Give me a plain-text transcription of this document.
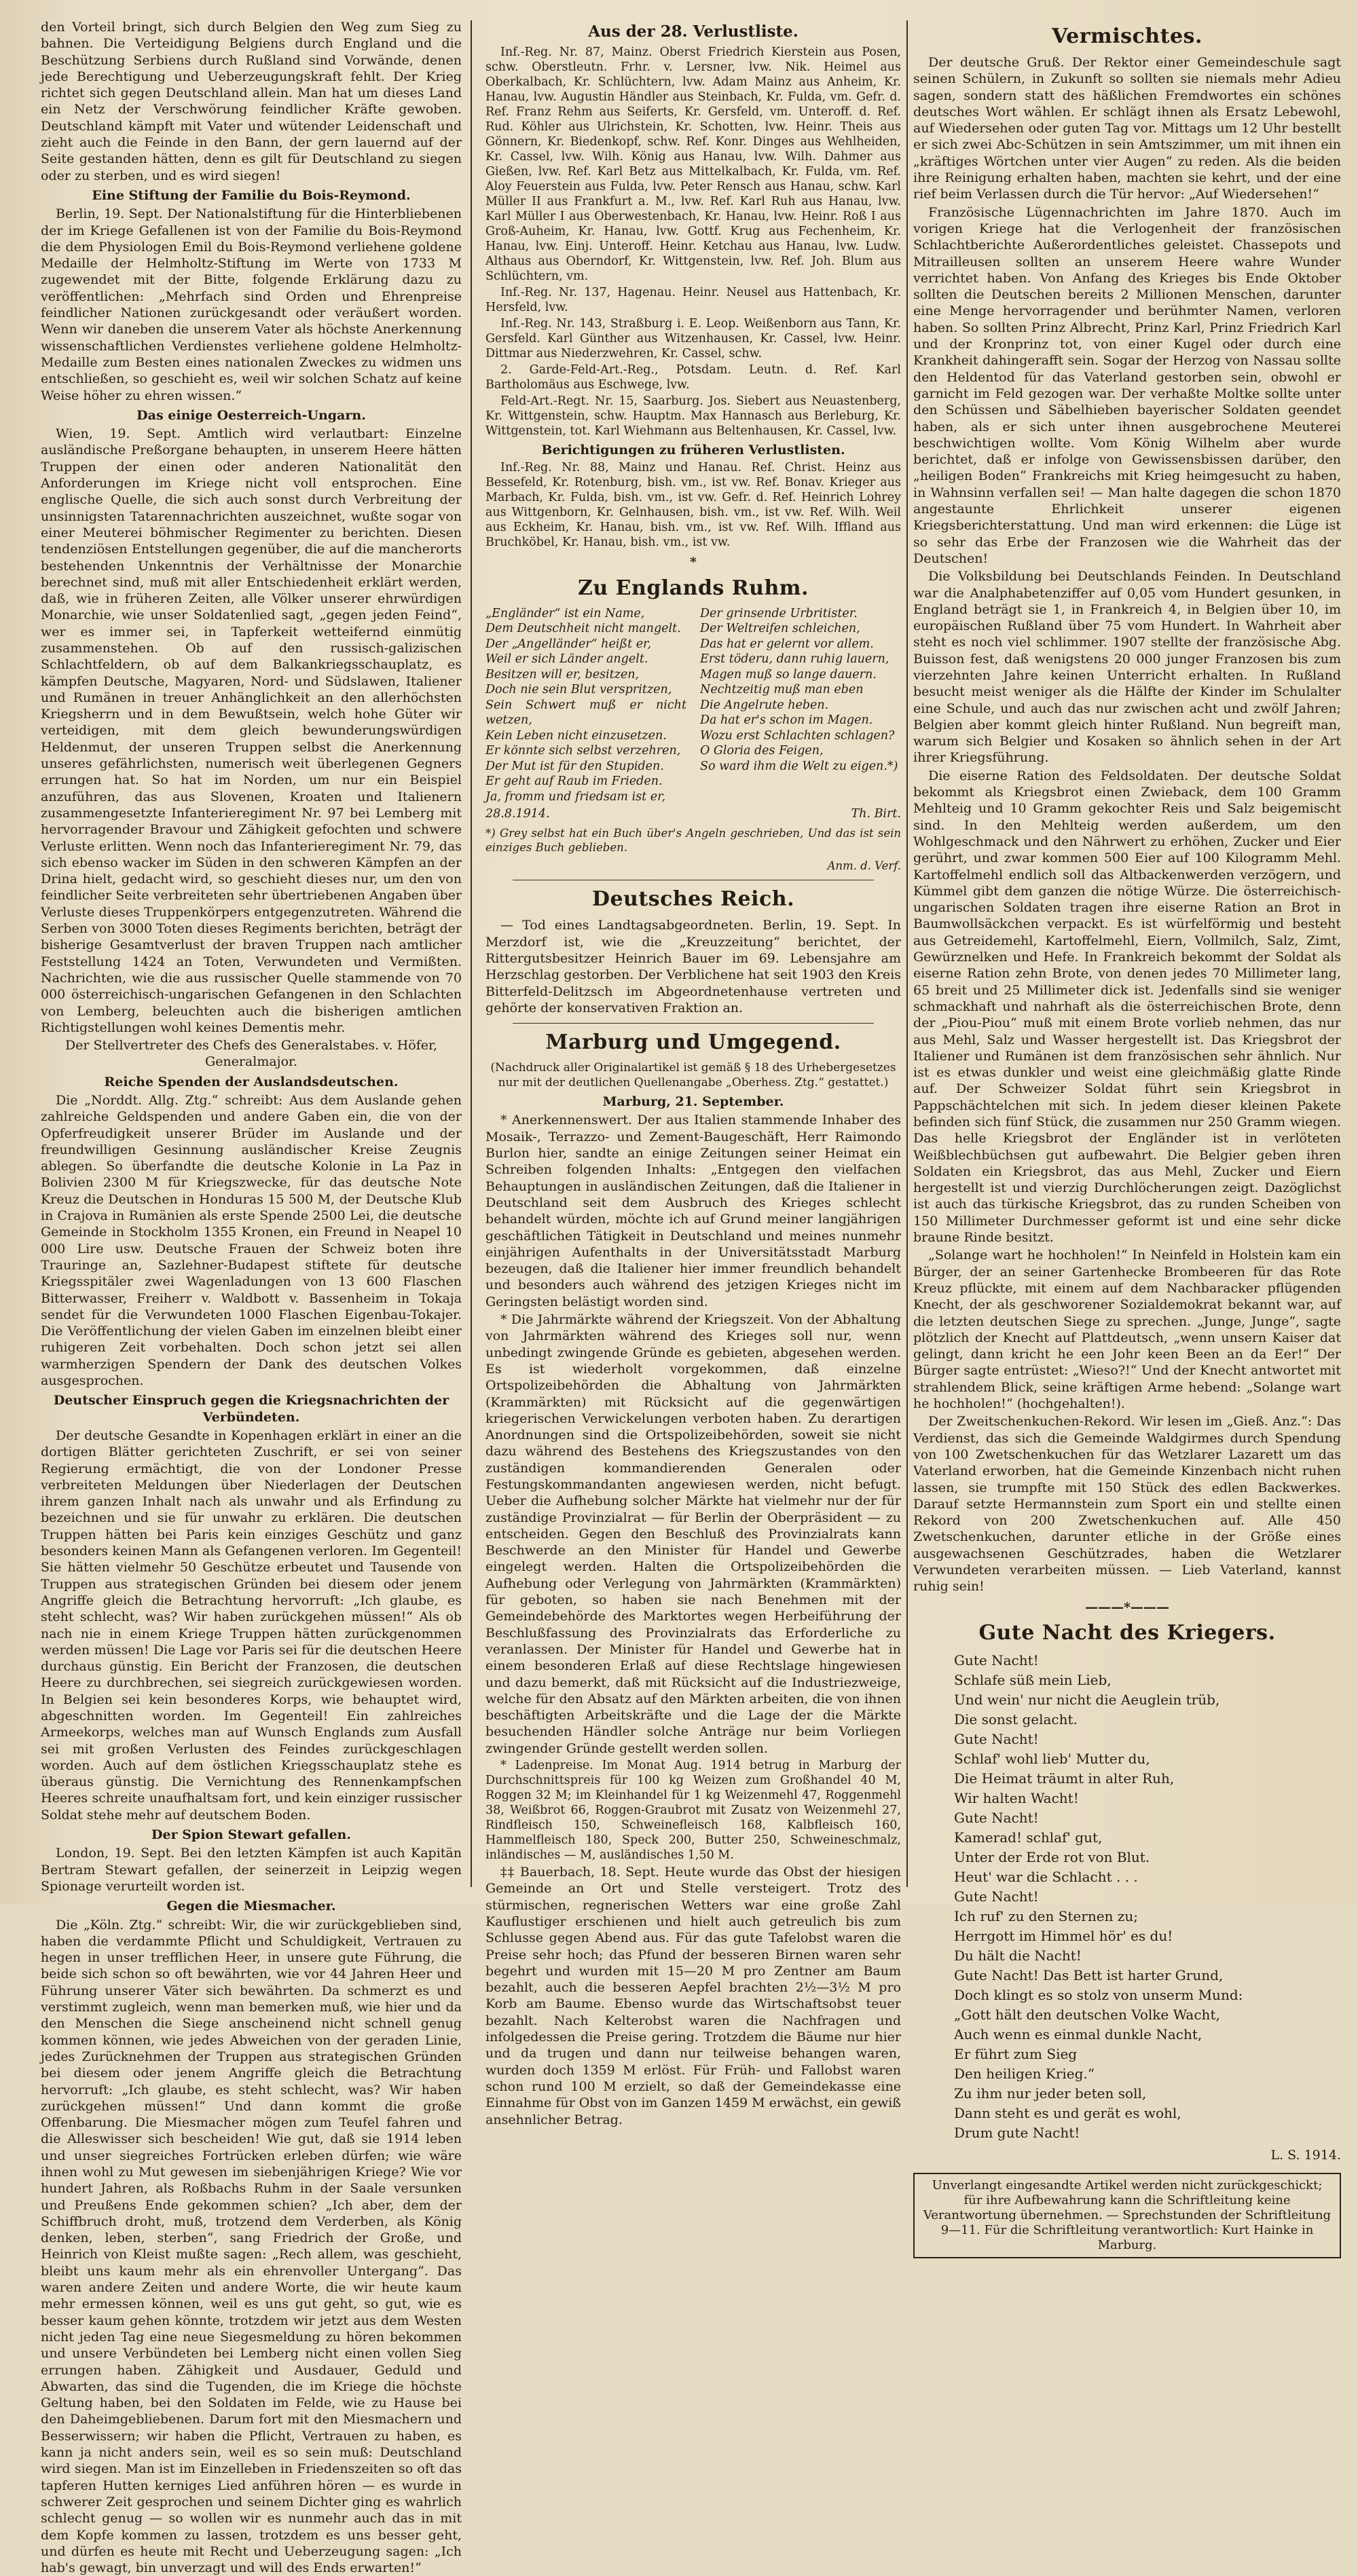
den Vorteil bringt, sich durch Belgien den Weg zum Sieg zu bahnen. Die Verteidigung Belgiens durch England und die Beschützung Serbiens durch Rußland sind Vorwände, denen jede Berechtigung und Ueberzeugungskraft fehlt. Der Krieg richtet sich gegen Deutschland allein. Man hat um dieses Land ein Netz der Verschwörung feindlicher Kräfte gewoben. Deutschland kämpft mit Vater und wütender Leidenschaft und zieht auch die Feinde in den Bann, der gern lauernd auf der Seite gestanden hätten, denn es gilt für Deutschland zu siegen oder zu sterben, und es wird siegen!

Eine Stiftung der Familie du Bois-Reymond.

Berlin, 19. Sept. Der Nationalstiftung für die Hinterbliebenen der im Kriege Gefallenen ist von der Familie du Bois-Reymond die dem Physiologen Emil du Bois-Reymond verliehene goldene Medaille der Helmholtz-Stiftung im Werte von 1733 M zugewendet mit der Bitte, folgende Erklärung dazu zu veröffentlichen: „Mehrfach sind Orden und Ehrenpreise feindlicher Nationen zurückgesandt oder veräußert worden. Wenn wir daneben die unserem Vater als höchste Anerkennung wissenschaftlichen Verdienstes verliehene goldene Helmholtz-Medaille zum Besten eines nationalen Zweckes zu widmen uns entschließen, so geschieht es, weil wir solchen Schatz auf keine Weise höher zu ehren wissen.“

Das einige Oesterreich-Ungarn.

Wien, 19. Sept. Amtlich wird verlautbart: Einzelne ausländische Preßorgane behaupten, in unserem Heere hätten Truppen der einen oder anderen Nationalität den Anforderungen im Kriege nicht voll entsprochen. Eine englische Quelle, die sich auch sonst durch Verbreitung der unsinnigsten Tatarennachrichten auszeichnet, wußte sogar von einer Meuterei böhmischer Regimenter zu berichten. Diesen tendenziösen Entstellungen gegenüber, die auf die mancherorts bestehenden Unkenntnis der Verhältnisse der Monarchie berechnet sind, muß mit aller Entschiedenheit erklärt werden, daß, wie in früheren Zeiten, alle Völker unserer ehrwürdigen Monarchie, wie unser Soldatenlied sagt, „gegen jeden Feind“, wer es immer sei, in Tapferkeit wetteifernd einmütig zusammenstehen. Ob auf den russisch-galizischen Schlachtfeldern, ob auf dem Balkankriegsschauplatz, es kämpfen Deutsche, Magyaren, Nord- und Südslawen, Italiener und Rumänen in treuer Anhänglichkeit an den allerhöchsten Kriegsherrn und in dem Bewußtsein, welch hohe Güter wir verteidigen, mit dem gleich bewunderungswürdigen Heldenmut, der unseren Truppen selbst die Anerkennung unseres gefährlichsten, numerisch weit überlegenen Gegners errungen hat. So hat im Norden, um nur ein Beispiel anzuführen, das aus Slovenen, Kroaten und Italienern zusammengesetzte Infanterieregiment Nr. 97 bei Lemberg mit hervorragender Bravour und Zähigkeit gefochten und schwere Verluste erlitten. Wenn noch das Infanterieregiment Nr. 79, das sich ebenso wacker im Süden in den schweren Kämpfen an der Drina hielt, gedacht wird, so geschieht dieses nur, um den von feindlicher Seite verbreiteten sehr übertriebenen Angaben über Verluste dieses Truppenkörpers entgegenzutreten. Während die Serben von 3000 Toten dieses Regiments berichten, beträgt der bisherige Gesamtverlust der braven Truppen nach amtlicher Feststellung 1424 an Toten, Verwundeten und Vermißten. Nachrichten, wie die aus russischer Quelle stammende von 70 000 österreichisch-ungarischen Gefangenen in den Schlachten von Lemberg, beleuchten auch die bisherigen amtlichen Richtigstellungen wohl keines Dementis mehr.

Der Stellvertreter des Chefs des Generalstabes. v. Höfer, Generalmajor.

Reiche Spenden der Auslandsdeutschen.

Die „Norddt. Allg. Ztg.“ schreibt: Aus dem Auslande gehen zahlreiche Geldspenden und andere Gaben ein, die von der Opferfreudigkeit unserer Brüder im Auslande und der freundwilligen Gesinnung ausländischer Kreise Zeugnis ablegen. So überfandte die deutsche Kolonie in La Paz in Bolivien 2300 M für Kriegszwecke, für das deutsche Note Kreuz die Deutschen in Honduras 15 500 M, der Deutsche Klub in Crajova in Rumänien als erste Spende 2500 Lei, die deutsche Gemeinde in Stockholm 1355 Kronen, ein Freund in Neapel 10 000 Lire usw. Deutsche Frauen der Schweiz boten ihre Trauringe an, Sazlehner-Budapest stiftete für deutsche Kriegsspitäler zwei Wagenladungen von 13 600 Flaschen Bitterwasser, Freiherr v. Waldbott v. Bassenheim in Tokaja sendet für die Verwundeten 1000 Flaschen Eigenbau-Tokajer. Die Veröffentlichung der vielen Gaben im einzelnen bleibt einer ruhigeren Zeit vorbehalten. Doch schon jetzt sei allen warmherzigen Spendern der Dank des deutschen Volkes ausgesprochen.

Deutscher Einspruch gegen die Kriegsnachrichten der Verbündeten.

Der deutsche Gesandte in Kopenhagen erklärt in einer an die dortigen Blätter gerichteten Zuschrift, er sei von seiner Regierung ermächtigt, die von der Londoner Presse verbreiteten Meldungen über Niederlagen der Deutschen ihrem ganzen Inhalt nach als unwahr und als Erfindung zu bezeichnen und sie für unwahr zu erklären. Die deutschen Truppen hätten bei Paris kein einziges Geschütz und ganz besonders keinen Mann als Gefangenen verloren. Im Gegenteil! Sie hätten vielmehr 50 Geschütze erbeutet und Tausende von Truppen aus strategischen Gründen bei diesem oder jenem Angriffe gleich die Betrachtung hervorruft: „Ich glaube, es steht schlecht, was? Wir haben zurückgehen müssen!“ Als ob nach nie in einem Kriege Truppen hätten zurückgenommen werden müssen! Die Lage vor Paris sei für die deutschen Heere durchaus günstig. Ein Bericht der Franzosen, die deutschen Heere zu durchbrechen, sei siegreich zurückgewiesen worden. In Belgien sei kein besonderes Korps, wie behauptet wird, abgeschnitten worden. Im Gegenteil! Ein zahlreiches Armeekorps, welches man auf Wunsch Englands zum Ausfall sei mit großen Verlusten des Feindes zurückgeschlagen worden. Auch auf dem östlichen Kriegsschauplatz stehe es überaus günstig. Die Vernichtung des Rennenkampfschen Heeres schreite unaufhaltsam fort, und kein einziger russischer Soldat stehe mehr auf deutschem Boden.

Der Spion Stewart gefallen.

London, 19. Sept. Bei den letzten Kämpfen ist auch Kapitän Bertram Stewart gefallen, der seinerzeit in Leipzig wegen Spionage verurteilt worden ist.

Gegen die Miesmacher.

Die „Köln. Ztg.“ schreibt: Wir, die wir zurückgeblieben sind, haben die verdammte Pflicht und Schuldigkeit, Vertrauen zu hegen in unser trefflichen Heer, in unsere gute Führung, die beide sich schon so oft bewährten, wie vor 44 Jahren Heer und Führung unserer Väter sich bewährten. Da schmerzt es und verstimmt zugleich, wenn man bemerken muß, wie hier und da den Menschen die Siege anscheinend nicht schnell genug kommen können, wie jedes Abweichen von der geraden Linie, jedes Zurücknehmen der Truppen aus strategischen Gründen bei diesem oder jenem Angriffe gleich die Betrachtung hervorruft: „Ich glaube, es steht schlecht, was? Wir haben zurückgehen müssen!“ Und dann kommt die große Offenbarung. Die Miesmacher mögen zum Teufel fahren und die Alleswisser sich bescheiden! Wie gut, daß sie 1914 leben und unser siegreiches Fortrücken erleben dürfen; wie wäre ihnen wohl zu Mut gewesen im siebenjährigen Kriege? Wie vor hundert Jahren, als Roßbachs Ruhm in der Saale versunken und Preußens Ende gekommen schien? „Ich aber, dem der Schiffbruch droht, muß, trotzend dem Verderben, als König denken, leben, sterben“, sang Friedrich der Große, und Heinrich von Kleist mußte sagen: „Rech allem, was geschieht, bleibt uns kaum mehr als ein ehrenvoller Untergang“. Das waren andere Zeiten und andere Worte, die wir heute kaum mehr ermessen können, weil es uns gut geht, so gut, wie es besser kaum gehen könnte, trotzdem wir jetzt aus dem Westen nicht jeden Tag eine neue Siegesmeldung zu hören bekommen und unsere Verbündeten bei Lemberg nicht einen vollen Sieg errungen haben. Zähigkeit und Ausdauer, Geduld und Abwarten, das sind die Tugenden, die im Kriege die höchste Geltung haben, bei den Soldaten im Felde, wie zu Hause bei den Daheimgebliebenen. Darum fort mit den Miesmachern und Besserwissern; wir haben die Pflicht, Vertrauen zu haben, es kann ja nicht anders sein, weil es so sein muß: Deutschland wird siegen. Man ist im Einzelleben in Friedenszeiten so oft das tapferen Hutten kerniges Lied anführen hören — es wurde in schwerer Zeit gesprochen und seinem Dichter ging es wahrlich schlecht genug — so wollen wir es nunmehr auch das in mit dem Kopfe kommen zu lassen, trotzdem es uns besser geht, und dürfen es heute mit Recht und Ueberzeugung sagen: „Ich hab's gewagt, bin unverzagt und will des Ends erwarten!“

Aus der 28. Verlustliste.

Inf.-Reg. Nr. 87, Mainz. Oberst Friedrich Kierstein aus Posen, schw. Oberstleutn. Frhr. v. Lersner, lvw. Nik. Heimel aus Oberkalbach, Kr. Schlüchtern, lvw. Adam Mainz aus Anheim, Kr. Hanau, lvw. Augustin Händler aus Steinbach, Kr. Fulda, vm. Gefr. d. Ref. Franz Rehm aus Seiferts, Kr. Gersfeld, vm. Unteroff. d. Ref. Rud. Köhler aus Ulrichstein, Kr. Schotten, lvw. Heinr. Theis aus Gönnern, Kr. Biedenkopf, schw. Ref. Konr. Dinges aus Wehlheiden, Kr. Cassel, lvw. Wilh. König aus Hanau, lvw. Wilh. Dahmer aus Gießen, lvw. Ref. Karl Betz aus Mittelkalbach, Kr. Fulda, vm. Ref. Aloy Feuerstein aus Fulda, lvw. Peter Rensch aus Hanau, schw. Karl Müller II aus Frankfurt a. M., lvw. Ref. Karl Ruh aus Hanau, lvw. Karl Müller I aus Oberwestenbach, Kr. Hanau, lvw. Heinr. Roß I aus Groß-Auheim, Kr. Hanau, lvw. Gottf. Krug aus Fechenheim, Kr. Hanau, lvw. Einj. Unteroff. Heinr. Ketchau aus Hanau, lvw. Ludw. Althaus aus Oberndorf, Kr. Wittgenstein, lvw. Ref. Joh. Blum aus Schlüchtern, vm.

Inf.-Reg. Nr. 137, Hagenau. Heinr. Neusel aus Hattenbach, Kr. Hersfeld, lvw.

Inf.-Reg. Nr. 143, Straßburg i. E. Leop. Weißenborn aus Tann, Kr. Gersfeld. Karl Günther aus Witzenhausen, Kr. Cassel, lvw. Heinr. Dittmar aus Niederzwehren, Kr. Cassel, schw.

2. Garde-Feld-Art.-Reg., Potsdam. Leutn. d. Ref. Karl Bartholomäus aus Eschwege, lvw.

Feld-Art.-Regt. Nr. 15, Saarburg. Jos. Siebert aus Neuastenberg, Kr. Wittgenstein, schw. Hauptm. Max Hannasch aus Berleburg, Kr. Wittgenstein, tot. Karl Wiehmann aus Beltenhausen, Kr. Cassel, lvw.

Berichtigungen zu früheren Verlustlisten.

Inf.-Reg. Nr. 88, Mainz und Hanau. Ref. Christ. Heinz aus Bessefeld, Kr. Rotenburg, bish. vm., ist vw. Ref. Bonav. Krieger aus Marbach, Kr. Fulda, bish. vm., ist vw. Gefr. d. Ref. Heinrich Lohrey aus Wittgenborn, Kr. Gelnhausen, bish. vm., ist vw. Ref. Wilh. Weil aus Eckheim, Kr. Hanau, bish. vm., ist vw. Ref. Wilh. Iffland aus Bruchköbel, Kr. Hanau, bish. vm., ist vw.

*
Zu Englands Ruhm.
„Engländer“ ist ein Name,
Dem Deutschheit nicht mangelt.
Der „Angelländer“ heißt er,
Weil er sich Länder angelt.
Besitzen will er, besitzen,
Doch nie sein Blut verspritzen,
Sein Schwert muß er nicht wetzen,
Kein Leben nicht einzusetzen.
Er könnte sich selbst verzehren,
Der Mut ist für den Stupiden.
Er geht auf Raub im Frieden.
Ja, fromm und friedsam ist er,
Der grinsende Urbritister.
Der Weltreifen schleichen,
Das hat er gelernt vor allem.
Erst töderu, dann ruhig lauern,
Magen muß so lange dauern.
Nechtzeitig muß man eben
Die Angelrute heben.
Da hat er's schon im Magen.
Wozu erst Schlachten schlagen?
O Gloria des Feigen,
So ward ihm die Welt zu eigen.*)
28.8.1914.	Th. Birt.
*) Grey selbst hat ein Buch über's Angeln geschrieben, Und das ist sein einziges Buch geblieben.
Anm. d. Verf.
Deutsches Reich.

— Tod eines Landtagsabgeordneten. Berlin, 19. Sept. In Merzdorf ist, wie die „Kreuzzeitung“ berichtet, der Rittergutsbesitzer Heinrich Bauer im 69. Lebensjahre am Herzschlag gestorben. Der Verblichene hat seit 1903 den Kreis Bitterfeld-Delitzsch im Abgeordnetenhause vertreten und gehörte der konservativen Fraktion an.

Marburg und Umgegend.
(Nachdruck aller Originalartikel ist gemäß § 18 des Urhebergesetzes nur mit der deutlichen Quellenangabe „Oberhess. Ztg.“ gestattet.)
Marburg, 21. September.

* Anerkennenswert. Der aus Italien stammende Inhaber des Mosaik-, Terrazzo- und Zement-Baugeschäft, Herr Raimondo Burlon hier, sandte an einige Zeitungen seiner Heimat ein Schreiben folgenden Inhalts: „Entgegen den vielfachen Behauptungen in ausländischen Zeitungen, daß die Italiener in Deutschland seit dem Ausbruch des Krieges schlecht behandelt würden, möchte ich auf Grund meiner langjährigen geschäftlichen Tätigkeit in Deutschland und meines nunmehr einjährigen Aufenthalts in der Universitätsstadt Marburg bezeugen, daß die Italiener hier immer freundlich behandelt und besonders auch während des jetzigen Krieges nicht im Geringsten belästigt worden sind.

* Die Jahrmärkte während der Kriegszeit. Von der Abhaltung von Jahrmärkten während des Krieges soll nur, wenn unbedingt zwingende Gründe es gebieten, abgesehen werden. Es ist wiederholt vorgekommen, daß einzelne Ortspolizeibehörden die Abhaltung von Jahrmärkten (Krammärkten) mit Rücksicht auf die gegenwärtigen kriegerischen Verwickelungen verboten haben. Zu derartigen Anordnungen sind die Ortspolizeibehörden, soweit sie nicht dazu während des Bestehens des Kriegszustandes von den zuständigen kommandierenden Generalen oder Festungskommandanten angewiesen werden, nicht befugt. Ueber die Aufhebung solcher Märkte hat vielmehr nur der für zuständige Provinzialrat — für Berlin der Oberpräsident — zu entscheiden. Gegen den Beschluß des Provinzialrats kann Beschwerde an den Minister für Handel und Gewerbe eingelegt werden. Halten die Ortspolizeibehörden die Aufhebung oder Verlegung von Jahrmärkten (Krammärkten) für geboten, so haben sie nach Benehmen mit der Gemeindebehörde des Marktortes wegen Herbeiführung der Beschlußfassung des Provinzialrats das Erforderliche zu veranlassen. Der Minister für Handel und Gewerbe hat in einem besonderen Erlaß auf diese Rechtslage hingewiesen und dazu bemerkt, daß mit Rücksicht auf die Industriezweige, welche für den Absatz auf den Märkten arbeiten, die von ihnen beschäftigten Arbeitskräfte und die Lage der die Märkte besuchenden Händler solche Anträge nur beim Vorliegen zwingender Gründe gestellt werden sollen.

* Ladenpreise. Im Monat Aug. 1914 betrug in Marburg der Durchschnittspreis für 100 kg Weizen zum Großhandel 40 M, Roggen 32 M; im Kleinhandel für 1 kg Weizenmehl 47, Roggenmehl 38, Weißbrot 66, Roggen-Graubrot mit Zusatz von Weizenmehl 27, Rindfleisch 150, Schweinefleisch 168, Kalbfleisch 160, Hammelfleisch 180, Speck 200, Butter 250, Schweineschmalz, inländisches — M, ausländisches 1,50 M.

‡‡ Bauerbach, 18. Sept. Heute wurde das Obst der hiesigen Gemeinde an Ort und Stelle versteigert. Trotz des stürmischen, regnerischen Wetters war eine große Zahl Kauflustiger erschienen und hielt auch getreulich bis zum Schlusse gegen Abend aus. Für das gute Tafelobst waren die Preise sehr hoch; das Pfund der besseren Birnen waren sehr begehrt und wurden mit 15—20 M pro Zentner am Baum bezahlt, auch die besseren Aepfel brachten 2½—3½ M pro Korb am Baume. Ebenso wurde das Wirtschaftsobst teuer bezahlt. Nach Kelterobst waren die Nachfragen und infolgedessen die Preise gering. Trotzdem die Bäume nur hier und da trugen und dann nur teilweise behangen waren, wurden doch 1359 M erlöst. Für Früh- und Fallobst waren schon rund 100 M erzielt, so daß der Gemeindekasse eine Einnahme für Obst von im Ganzen 1459 M erwächst, ein gewiß ansehnlicher Betrag.

Vermischtes.

Der deutsche Gruß. Der Rektor einer Gemeindeschule sagt seinen Schülern, in Zukunft so sollten sie niemals mehr Adieu sagen, sondern statt des häßlichen Fremdwortes ein schönes deutsches Wort wählen. Er schlägt ihnen als Ersatz Lebewohl, auf Wiedersehen oder guten Tag vor. Mittags um 12 Uhr bestellt er sich zwei Abc-Schützen in sein Amtszimmer, um mit ihnen ein „kräftiges Wörtchen unter vier Augen“ zu reden. Als die beiden ihre Reinigung erhalten haben, machten sie kehrt, und der eine rief beim Verlassen durch die Tür hervor: „Auf Wiedersehen!“

Französische Lügennachrichten im Jahre 1870. Auch im vorigen Kriege hat die Verlogenheit der französischen Schlachtberichte Außerordentliches geleistet. Chassepots und Mitrailleusen sollten an unserem Heere wahre Wunder verrichtet haben. Von Anfang des Krieges bis Ende Oktober sollten die Deutschen bereits 2 Millionen Menschen, darunter eine Menge hervorragender und berühmter Namen, verloren haben. So sollten Prinz Albrecht, Prinz Karl, Prinz Friedrich Karl und der Kronprinz tot, von einer Kugel oder durch eine Krankheit dahingerafft sein. Sogar der Herzog von Nassau sollte den Heldentod für das Vaterland gestorben sein, obwohl er garnicht im Feld gezogen war. Der verhaßte Moltke sollte unter den Schüssen und Säbelhieben bayerischer Soldaten geendet haben, als er sich unter ihnen ausgebrochene Meuterei beschwichtigen wollte. Vom König Wilhelm aber wurde berichtet, daß er infolge von Gewissensbissen darüber, den „heiligen Boden“ Frankreichs mit Krieg heimgesucht zu haben, in Wahnsinn verfallen sei! — Man halte dagegen die schon 1870 angestaunte Ehrlichkeit unserer eigenen Kriegsberichterstattung. Und man wird erkennen: die Lüge ist so sehr das Erbe der Franzosen wie die Wahrheit das der Deutschen!

Die Volksbildung bei Deutschlands Feinden. In Deutschland war die Analphabetenziffer auf 0,05 vom Hundert gesunken, in England beträgt sie 1, in Frankreich 4, in Belgien über 10, im europäischen Rußland über 75 vom Hundert. In Wahrheit aber steht es noch viel schlimmer. 1907 stellte der französische Abg. Buisson fest, daß wenigstens 20 000 junger Franzosen bis zum vierzehnten Jahre keinen Unterricht erhalten. In Rußland besucht meist weniger als die Hälfte der Kinder im Schulalter eine Schule, und auch das nur zwischen acht und zwölf Jahren; Belgien aber kommt gleich hinter Rußland. Nun begreift man, warum sich Belgier und Kosaken so ähnlich sehen in der Art ihrer Kriegsführung.

Die eiserne Ration des Feldsoldaten. Der deutsche Soldat bekommt als Kriegsbrot einen Zwieback, dem 100 Gramm Mehlteig und 10 Gramm gekochter Reis und Salz beigemischt sind. In den Mehlteig werden außerdem, um den Wohlgeschmack und den Nährwert zu erhöhen, Zucker und Eier gerührt, und zwar kommen 500 Eier auf 100 Kilogramm Mehl. Kartoffelmehl endlich soll das Altbackenwerden verzögern, und Kümmel gibt dem ganzen die nötige Würze. Die österreichisch-ungarischen Soldaten tragen ihre eiserne Ration an Brot in Baumwollsäckchen verpackt. Es ist würfelförmig und besteht aus Getreidemehl, Kartoffelmehl, Eiern, Vollmilch, Salz, Zimt, Gewürznelken und Hefe. In Frankreich bekommt der Soldat als eiserne Ration zehn Brote, von denen jedes 70 Millimeter lang, 65 breit und 25 Millimeter dick ist. Jedenfalls sind sie weniger schmackhaft und nahrhaft als die österreichischen Brote, denn der „Piou-Piou“ muß mit einem Brote vorlieb nehmen, das nur aus Mehl, Salz und Wasser hergestellt ist. Das Kriegsbrot der Italiener und Rumänen ist dem französischen sehr ähnlich. Nur ist es etwas dunkler und weist eine gleichmäßig glatte Rinde auf. Der Schweizer Soldat führt sein Kriegsbrot in Pappschächtelchen mit sich. In jedem dieser kleinen Pakete befinden sich fünf Stück, die zusammen nur 250 Gramm wiegen. Das helle Kriegsbrot der Engländer ist in verlöteten Weißblechbüchsen gut aufbewahrt. Die Belgier geben ihren Soldaten ein Kriegsbrot, das aus Mehl, Zucker und Eiern hergestellt ist und vierzig Durchlöcherungen zeigt. Dazöglichst ist auch das türkische Kriegsbrot, das zu runden Scheiben von 150 Millimeter Durchmesser geformt ist und eine sehr dicke braune Rinde besitzt.

„Solange wart he hochholen!“ In Neinfeld in Holstein kam ein Bürger, der an seiner Gartenhecke Brombeeren für das Rote Kreuz pflückte, mit einem auf dem Nachbaracker pflügenden Knecht, der als geschworener Sozialdemokrat bekannt war, auf die letzten deutschen Siege zu sprechen. „Junge, Junge“, sagte plötzlich der Knecht auf Plattdeutsch, „wenn unsern Kaiser dat gelingt, dann kricht he een Johr keen Been an da Eer!“ Der Bürger sagte entrüstet: „Wieso?!“ Und der Knecht antwortet mit strahlendem Blick, seine kräftigen Arme hebend: „Solange wart he hochholen!“ (hochgehalten!).

Der Zweitschenkuchen-Rekord. Wir lesen im „Gieß. Anz.“: Das Verdienst, das sich die Gemeinde Waldgirmes durch Spendung von 100 Zwetschenkuchen für das Wetzlarer Lazarett um das Vaterland erworben, hat die Gemeinde Kinzenbach nicht ruhen lassen, sie trumpfte mit 150 Stück des edlen Backwerkes. Darauf setzte Hermannstein zum Sport ein und stellte einen Rekord von 200 Zwetschenkuchen auf. Alle 450 Zwetschenkuchen, darunter etliche in der Größe eines ausgewachsenen Geschützrades, haben die Wetzlarer Verwundeten verarbeiten müssen. — Lieb Vaterland, kannst ruhig sein!

———*———
Gute Nacht des Kriegers.
Gute Nacht!
Schlafe süß mein Lieb,
Und wein' nur nicht die Aeuglein trüb,
Die sonst gelacht.
Gute Nacht!
Schlaf' wohl lieb' Mutter du,
Die Heimat träumt in alter Ruh,
Wir halten Wacht!
Gute Nacht!
Kamerad! schlaf' gut,
Unter der Erde rot von Blut.
Heut' war die Schlacht . . .
Gute Nacht!
Ich ruf' zu den Sternen zu;
Herrgott im Himmel hör' es du!
Du hält die Nacht!
Gute Nacht! Das Bett ist harter Grund,
Doch klingt es so stolz von unserm Mund:
„Gott hält den deutschen Volke Wacht,
Auch wenn es einmal dunkle Nacht,
Er führt zum Sieg
Den heiligen Krieg.“
Zu ihm nur jeder beten soll,
Dann steht es und gerät es wohl,
Drum gute Nacht!
L. S. 1914.
Unverlangt eingesandte Artikel werden nicht zurückgeschickt; für ihre Aufbewahrung kann die Schriftleitung keine Verantwortung übernehmen. — Sprechstunden der Schriftleitung 9—11. Für die Schriftleitung verantwortlich: Kurt Hainke in Marburg.
